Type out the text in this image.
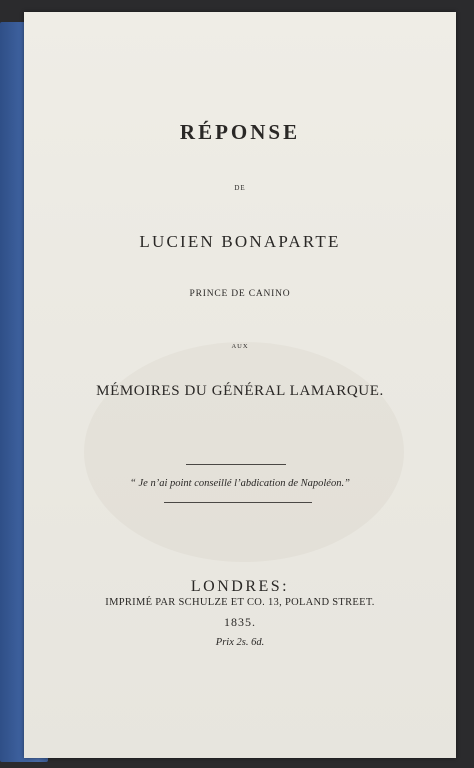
RÉPONSE
DE
LUCIEN BONAPARTE
PRINCE DE CANINO
AUX
MÉMOIRES DU GÉNÉRAL LAMARQUE.
“ Je n’ai point conseillé l’abdication de Napoléon.”
LONDRES:
IMPRIMÉ PAR SCHULZE ET CO. 13, POLAND STREET.
1835.
Prix 2s. 6d.
